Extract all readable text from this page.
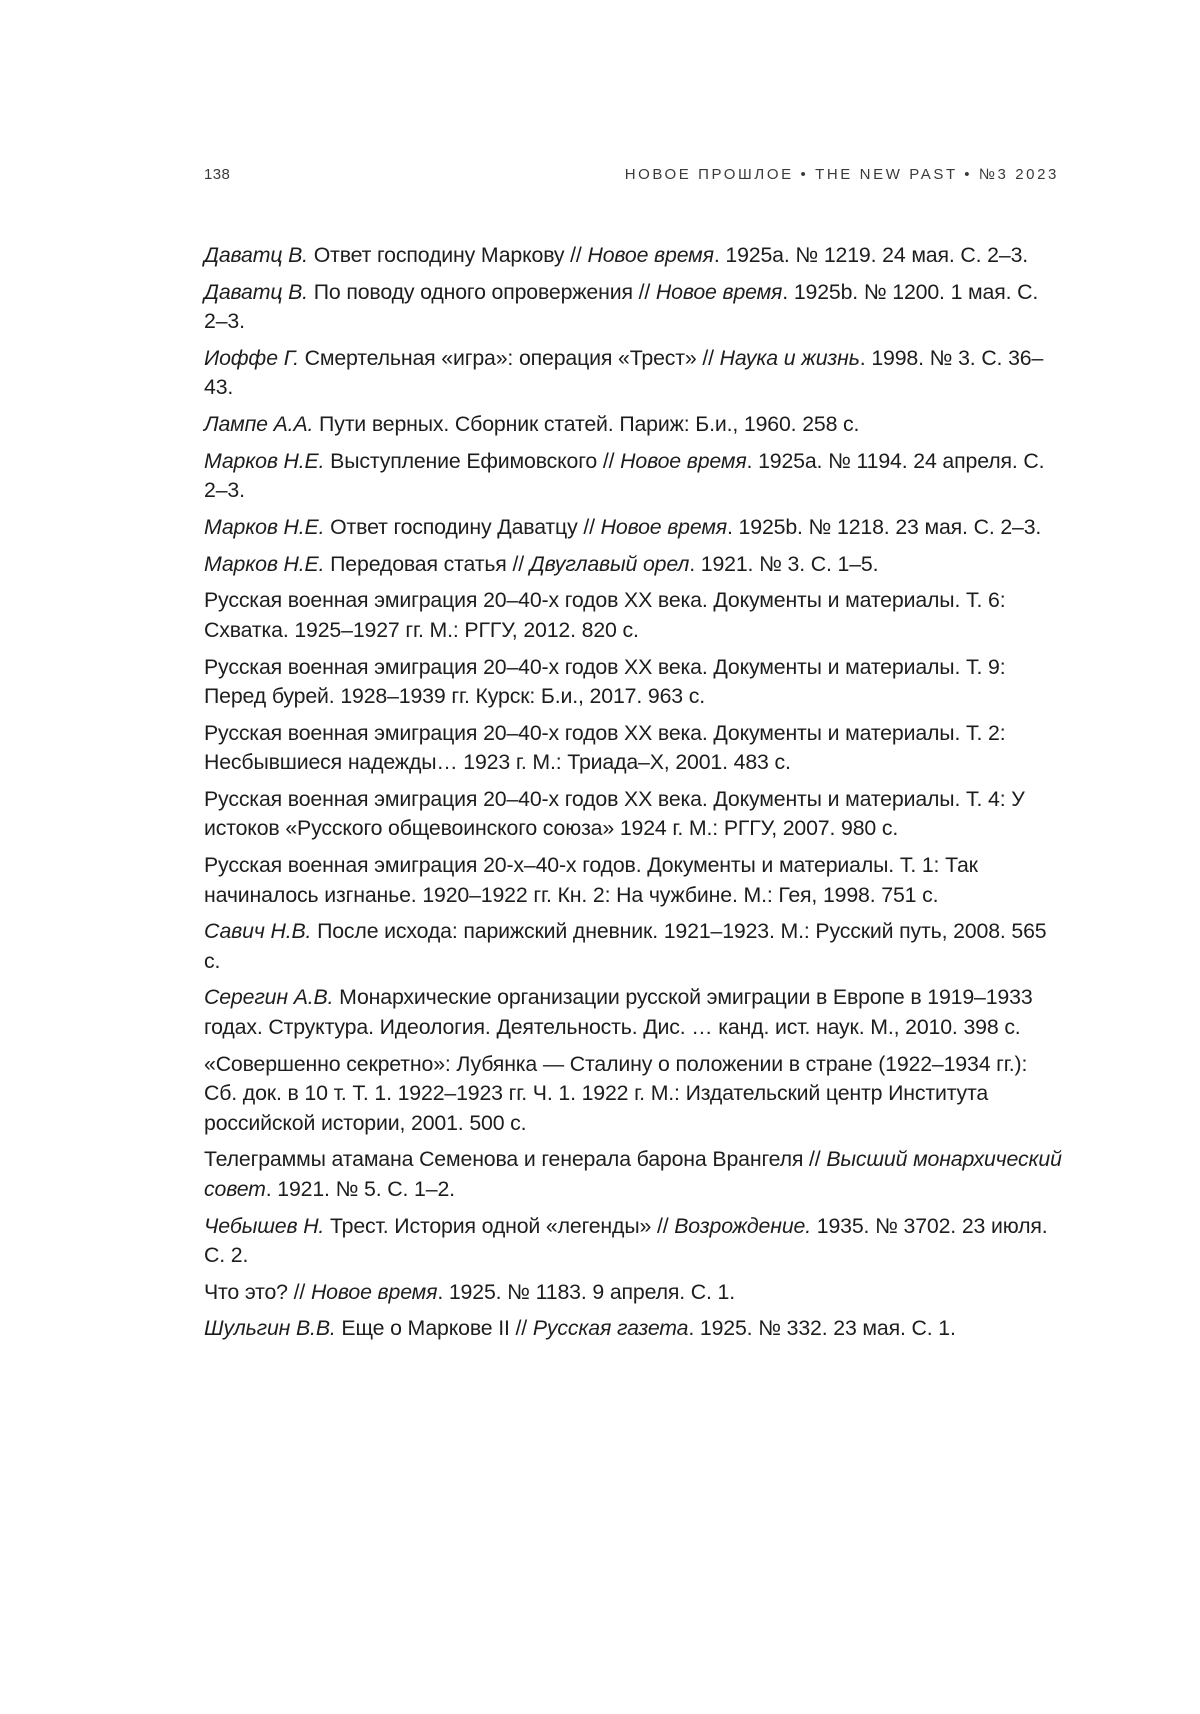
138	НОВОЕ ПРОШЛОЕ • THE NEW PAST • №3 2023
Даватц В. Ответ господину Маркову // Новое время. 1925a. № 1219. 24 мая. С. 2–3.
Даватц В. По поводу одного опровержения // Новое время. 1925b. № 1200. 1 мая. С. 2–3.
Иоффе Г. Смертельная «игра»: операция «Трест» // Наука и жизнь. 1998. № 3. С. 36–43.
Лампе А.А. Пути верных. Сборник статей. Париж: Б.и., 1960. 258 с.
Марков Н.Е. Выступление Ефимовского // Новое время. 1925a. № 1194. 24 апреля. С. 2–3.
Марков Н.Е. Ответ господину Даватцу // Новое время. 1925b. № 1218. 23 мая. С. 2–3.
Марков Н.Е. Передовая статья // Двуглавый орел. 1921. № 3. С. 1–5.
Русская военная эмиграция 20–40-х годов XX века. Документы и материалы. Т. 6: Схватка. 1925–1927 гг. М.: РГГУ, 2012. 820 с.
Русская военная эмиграция 20–40-х годов XX века. Документы и материалы. Т. 9: Перед бурей. 1928–1939 гг. Курск: Б.и., 2017. 963 с.
Русская военная эмиграция 20–40-х годов XX века. Документы и материалы. Т. 2: Несбывшиеся надежды… 1923 г. М.: Триада–Х, 2001. 483 с.
Русская военная эмиграция 20–40-х годов XX века. Документы и материалы. Т. 4: У истоков «Русского общевоинского союза» 1924 г. М.: РГГУ, 2007. 980 с.
Русская военная эмиграция 20-х–40-х годов. Документы и материалы. Т. 1: Так начиналось изгнанье. 1920–1922 гг. Кн. 2: На чужбине. М.: Гея, 1998. 751 с.
Савич Н.В. После исхода: парижский дневник. 1921–1923. М.: Русский путь, 2008. 565 с.
Серегин А.В. Монархические организации русской эмиграции в Европе в 1919–1933 годах. Структура. Идеология. Деятельность. Дис. … канд. ист. наук. М., 2010. 398 с.
«Совершенно секретно»: Лубянка — Сталину о положении в стране (1922–1934 гг.): Сб. док. в 10 т. Т. 1. 1922–1923 гг. Ч. 1. 1922 г. М.: Издательский центр Института российской истории, 2001. 500 с.
Телеграммы атамана Семенова и генерала барона Врангеля // Высший монархический совет. 1921. № 5. С. 1–2.
Чебышев Н. Трест. История одной «легенды» // Возрождение. 1935. № 3702. 23 июля. С. 2.
Что это? // Новое время. 1925. № 1183. 9 апреля. С. 1.
Шульгин В.В. Еще о Маркове II // Русская газета. 1925. № 332. 23 мая. С. 1.
